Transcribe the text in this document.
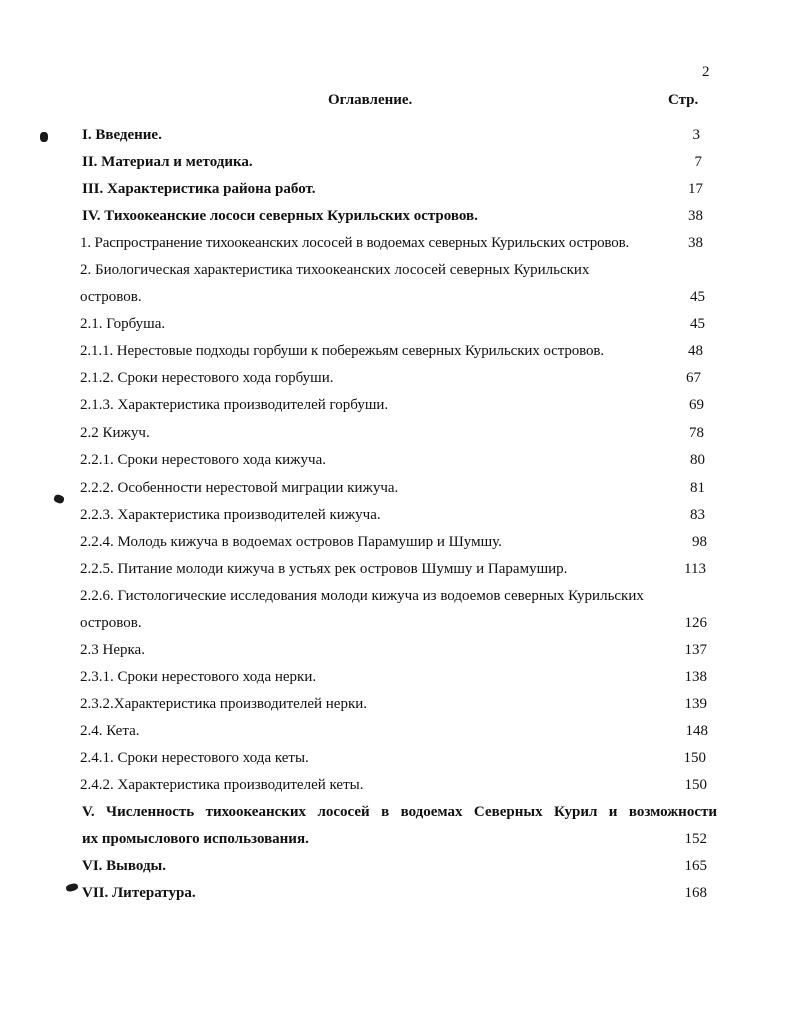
2
Оглавление.	Стр.
I. Введение.	3
II. Материал и методика.	7
III. Характеристика района работ.	17
IV. Тихоокеанские лососи северных Курильских островов.	38
1. Распространение тихоокеанских лососей в водоемах северных Курильских островов.	38
2. Биологическая характеристика тихоокеанских лососей северных Курильских
островов.	45
2.1. Горбуша.	45
2.1.1. Нерестовые подходы горбуши к побережьям северных Курильских островов.	48
2.1.2. Сроки нерестового хода горбуши.	67
2.1.3. Характеристика производителей горбуши.	69
2.2 Кижуч.	78
2.2.1. Сроки нерестового хода кижуча.	80
2.2.2. Особенности нерестовой миграции кижуча.	81
2.2.3. Характеристика производителей кижуча.	83
2.2.4. Молодь кижуча в водоемах островов Парамушир и Шумшу.	98
2.2.5. Питание молоди кижуча в устьях рек островов Шумшу и Парамушир.	113
2.2.6. Гистологические исследования молоди кижуча из водоемов северных Курильских
островов.	126
2.3 Нерка.	137
2.3.1. Сроки нерестового хода нерки.	138
2.3.2.Характеристика производителей нерки.	139
2.4. Кета.	148
2.4.1. Сроки нерестового хода кеты.	150
2.4.2. Характеристика производителей кеты.	150
V. Численность тихоокеанских лососей в водоемах Северных Курил и возможности
их промыслового использования.	152
VI. Выводы.	165
VII. Литература.	168
